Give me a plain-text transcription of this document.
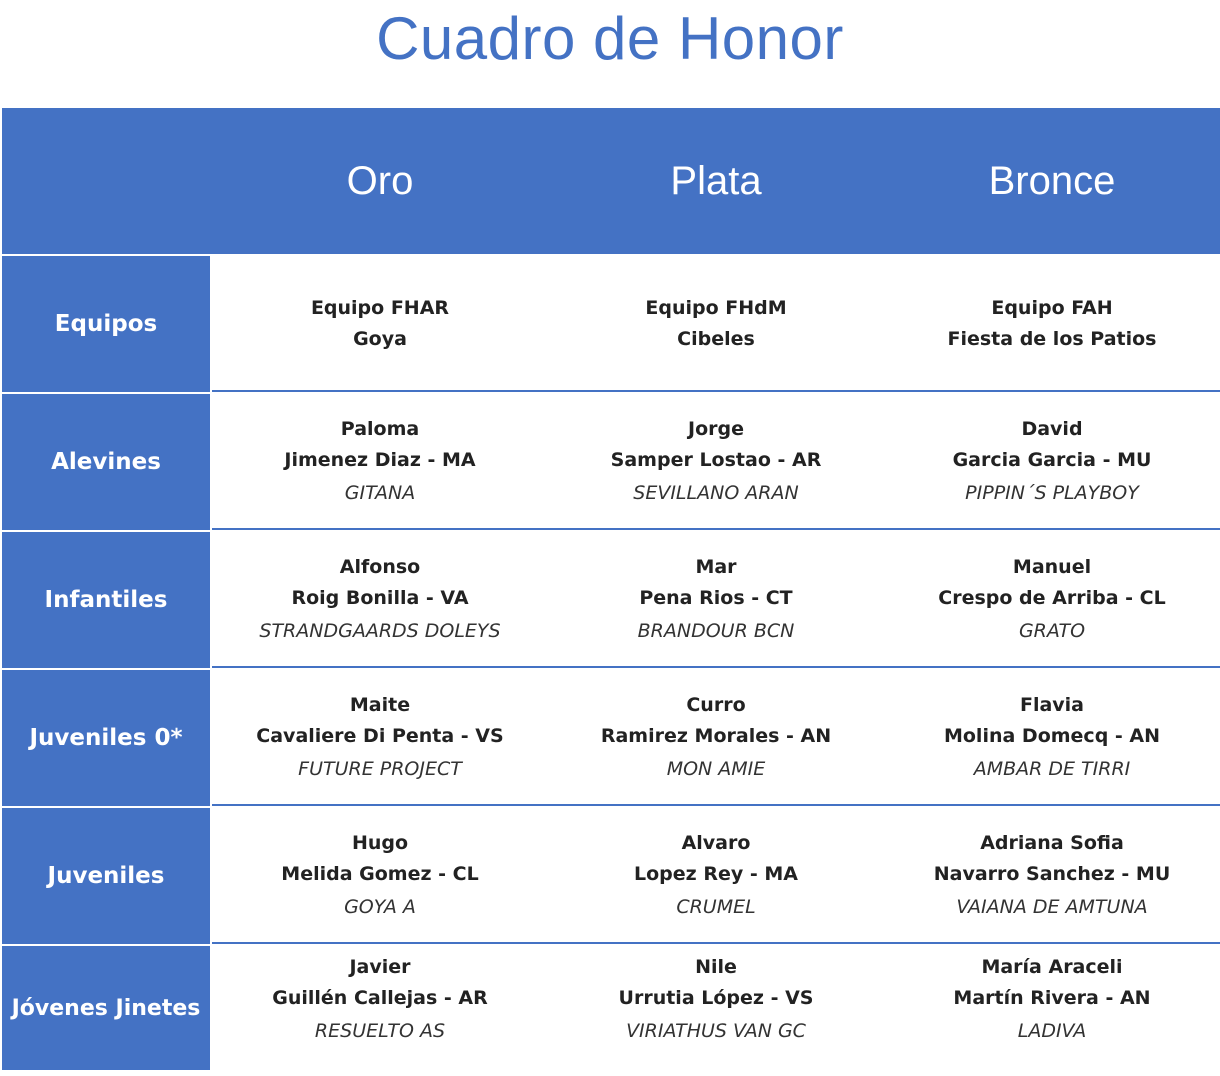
Cuadro de Honor
Oro	Plata	Bronce
Equipos
Equipo FHAR
Goya
Equipo FHdM
Cibeles
Equipo FAH
Fiesta de los Patios
Alevines
Paloma
Jimenez Diaz - MA
GITANA
Jorge
Samper Lostao - AR
SEVILLANO ARAN
David
Garcia Garcia - MU
PIPPIN´S PLAYBOY
Infantiles
Alfonso
Roig Bonilla - VA
STRANDGAARDS DOLEYS
Mar
Pena Rios - CT
BRANDOUR BCN
Manuel
Crespo de Arriba - CL
GRATO
Juveniles 0*
Maite
Cavaliere Di Penta - VS
FUTURE PROJECT
Curro
Ramirez Morales - AN
MON AMIE
Flavia
Molina Domecq - AN
AMBAR DE TIRRI
Juveniles
Hugo
Melida Gomez - CL
GOYA A
Alvaro
Lopez Rey - MA
CRUMEL
Adriana Sofia
Navarro Sanchez - MU
VAIANA DE AMTUNA
Jóvenes Jinetes
Javier
Guillén Callejas - AR
RESUELTO AS
Nile
Urrutia López - VS
VIRIATHUS VAN GC
María Araceli
Martín Rivera - AN
LADIVA
